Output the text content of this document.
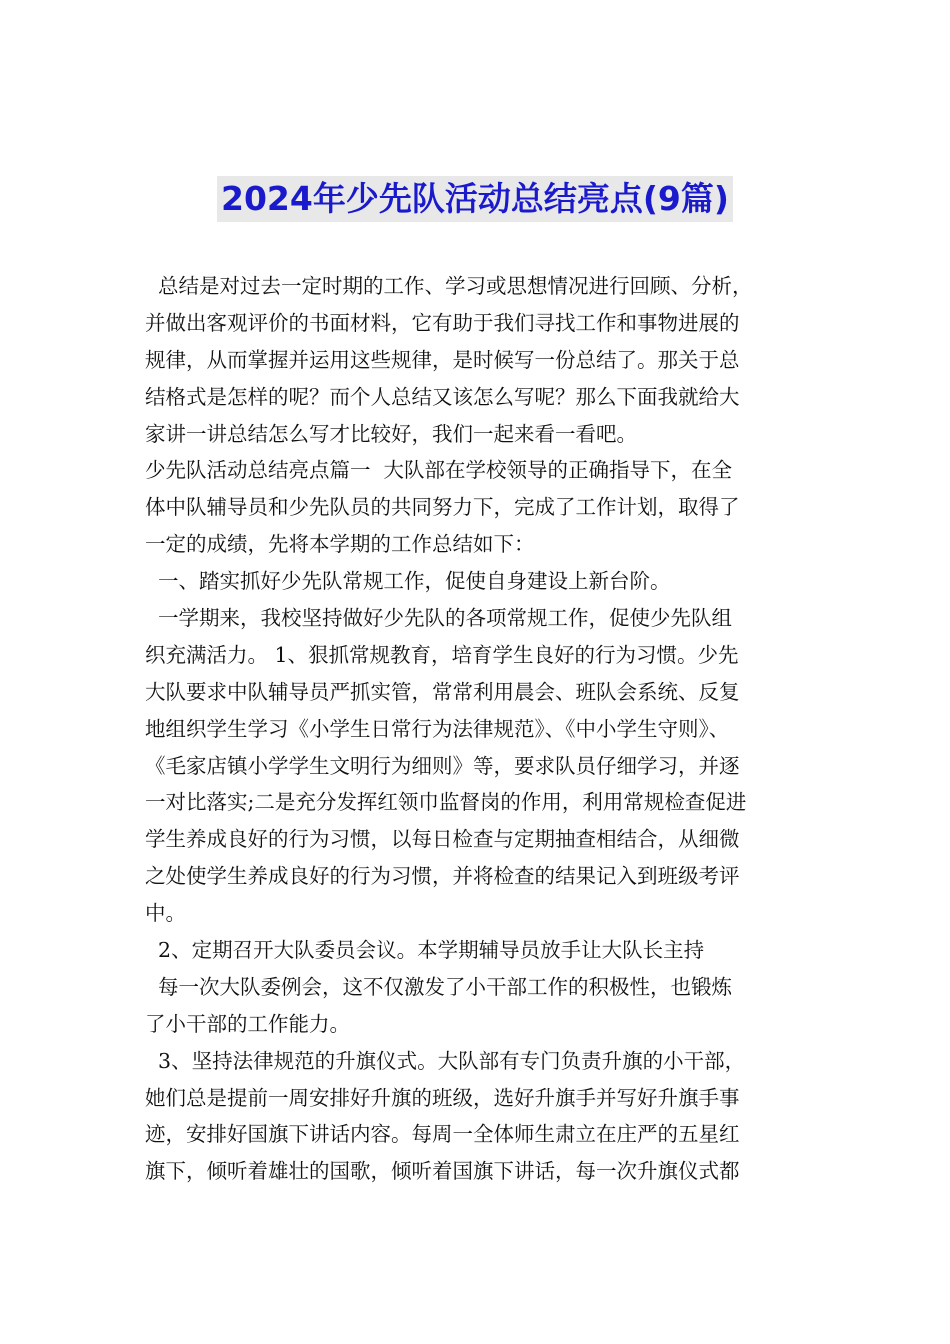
2024年少先队活动总结亮点(9篇)
总结是对过去一定时期的工作、学习或思想情况进行回顾、分析，
并做出客观评价的书面材料，它有助于我们寻找工作和事物进展的
规律，从而掌握并运用这些规律，是时候写一份总结了。那关于总
结格式是怎样的呢？而个人总结又该怎么写呢？那么下面我就给大
家讲一讲总结怎么写才比较好，我们一起来看一看吧。
少先队活动总结亮点篇一  大队部在学校领导的正确指导下，在全
体中队辅导员和少先队员的共同努力下，完成了工作计划，取得了
一定的成绩，先将本学期的工作总结如下：
一、踏实抓好少先队常规工作，促使自身建设上新台阶。
一学期来，我校坚持做好少先队的各项常规工作，促使少先队组
织充满活力。 1、狠抓常规教育，培育学生良好的行为习惯。少先
大队要求中队辅导员严抓实管，常常利用晨会、班队会系统、反复
地组织学生学习《小学生日常行为法律规范》、《中小学生守则》、
《毛家店镇小学学生文明行为细则》等，要求队员仔细学习，并逐
一对比落实;二是充分发挥红领巾监督岗的作用，利用常规检查促进
学生养成良好的行为习惯，以每日检查与定期抽查相结合，从细微
之处使学生养成良好的行为习惯，并将检查的结果记入到班级考评
中。
2、定期召开大队委员会议。本学期辅导员放手让大队长主持
每一次大队委例会，这不仅激发了小干部工作的积极性，也锻炼
了小干部的工作能力。
3、坚持法律规范的升旗仪式。大队部有专门负责升旗的小干部，
她们总是提前一周安排好升旗的班级，选好升旗手并写好升旗手事
迹，安排好国旗下讲话内容。每周一全体师生肃立在庄严的五星红
旗下，倾听着雄壮的国歌，倾听着国旗下讲话，每一次升旗仪式都
